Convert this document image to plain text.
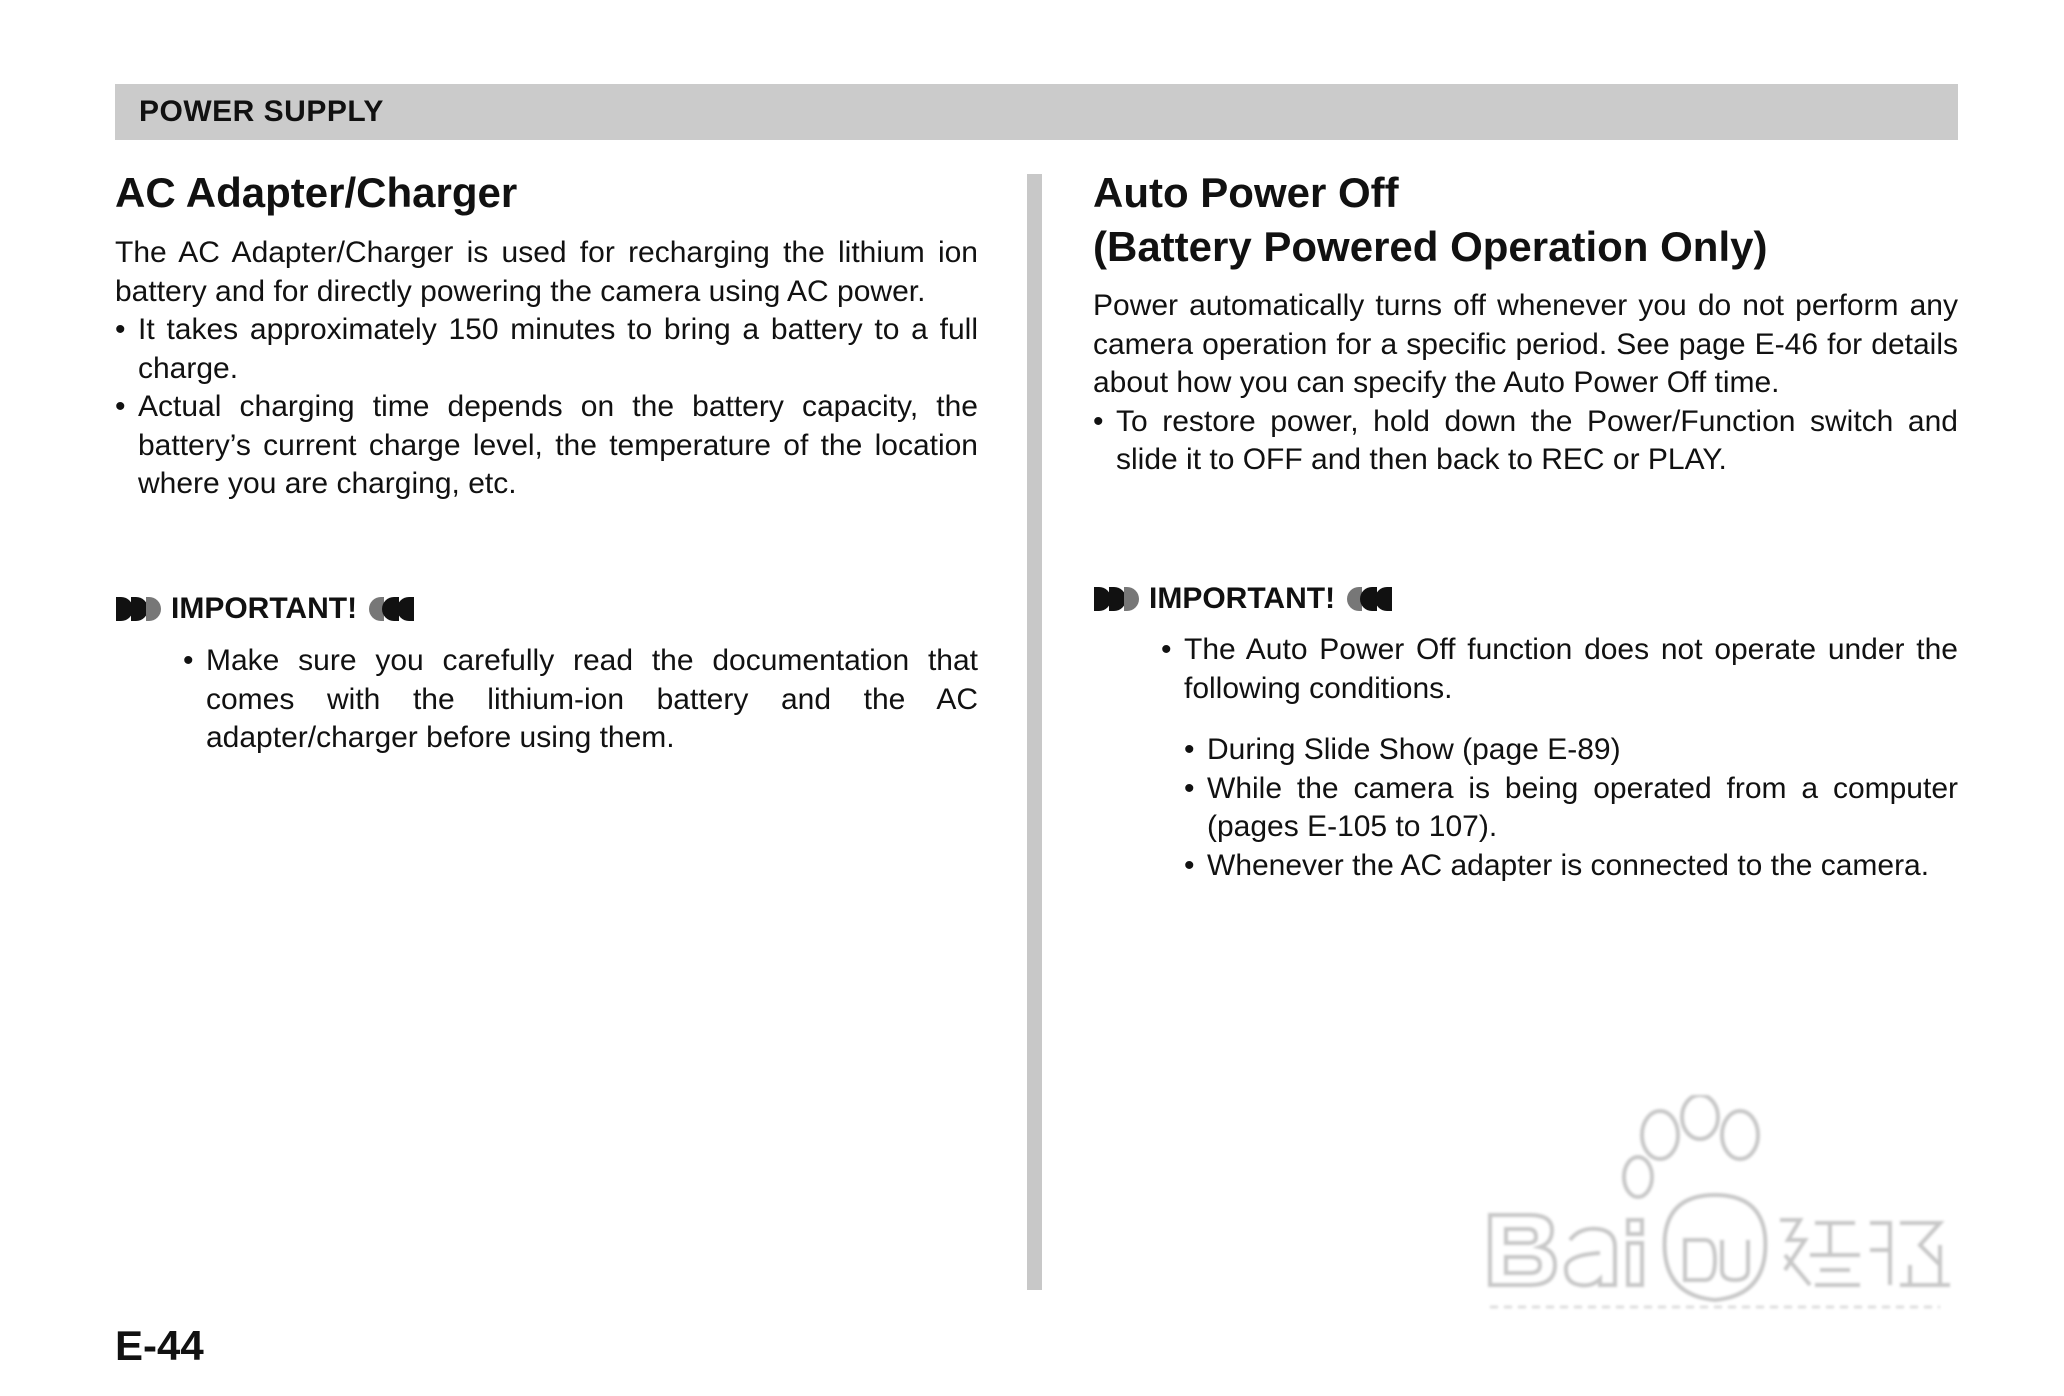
POWER SUPPLY
AC Adapter/Charger

The AC Adapter/Charger is used for recharging the lithium ion battery and for directly powering the camera using AC power.

• It takes approximately 150 minutes to bring a battery to a full charge.
• Actual charging time depends on the battery capacity, the battery’s current charge level, the temperature of the location where you are charging, etc.
IMPORTANT!
• Make sure you carefully read the documentation that comes with the lithium-ion battery and the AC adapter/charger before using them.
Auto Power Off
(Battery Powered Operation Only)

Power automatically turns off whenever you do not perform any camera operation for a specific period. See page E-46 for details about how you can specify the Auto Power Off time.

• To restore power, hold down the Power/Function switch and slide it to OFF and then back to REC or PLAY.
IMPORTANT!
• The Auto Power Off function does not operate under the following conditions.
• During Slide Show (page E-89)
• While the camera is being operated from a computer (pages E-105 to 107).
• Whenever the AC adapter is connected to the camera.
E-44
